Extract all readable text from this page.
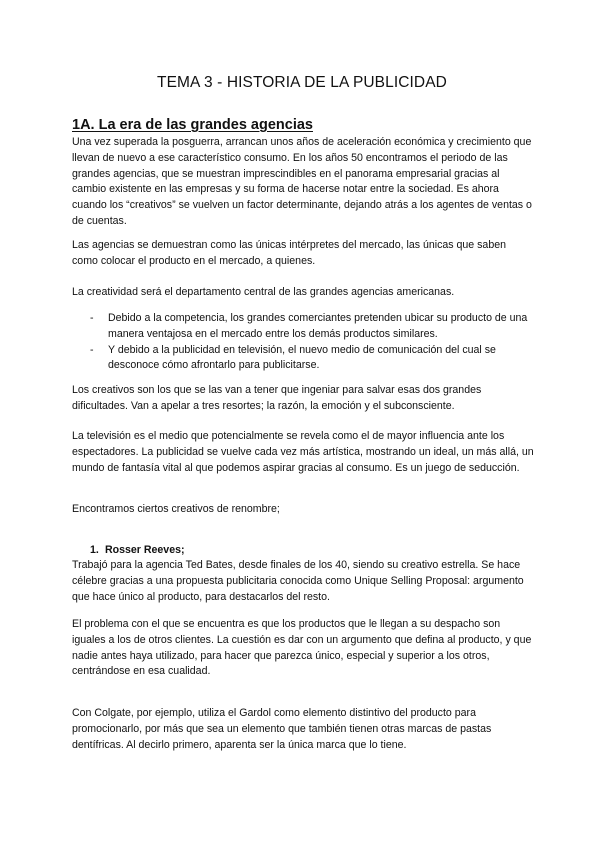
TEMA 3 - HISTORIA DE LA PUBLICIDAD
1A. La era de las grandes agencias

Una vez superada la posguerra, arrancan unos años de aceleración económica y crecimiento que llevan de nuevo a ese característico consumo. En los años 50 encontramos el periodo de las grandes agencias, que se muestran imprescindibles en el panorama empresarial gracias al cambio existente en las empresas y su forma de hacerse notar entre la sociedad. Es ahora cuando los “creativos” se vuelven un factor determinante, dejando atrás a los agentes de ventas o de cuentas.

Las agencias se demuestran como las únicas intérpretes del mercado, las únicas que saben como colocar el producto en el mercado, a quienes.

La creatividad será el departamento central de las grandes agencias americanas.

- Debido a la competencia, los grandes comerciantes pretenden ubicar su producto de una manera ventajosa en el mercado entre los demás productos similares.
- Y debido a la publicidad en televisión, el nuevo medio de comunicación del cual se desconoce cómo afrontarlo para publicitarse.

Los creativos son los que se las van a tener que ingeniar para salvar esas dos grandes dificultades. Van a apelar a tres resortes; la razón, la emoción y el subconsciente.

La televisión es el medio que potencialmente se revela como el de mayor influencia ante los espectadores. La publicidad se vuelve cada vez más artística, mostrando un ideal, un más allá, un mundo de fantasía vital al que podemos aspirar gracias al consumo. Es un juego de seducción.

Encontramos ciertos creativos de renombre;

1. Rosser Reeves;

Trabajó para la agencia Ted Bates, desde finales de los 40, siendo su creativo estrella. Se hace célebre gracias a una propuesta publicitaria conocida como Unique Selling Proposal: argumento que hace único al producto, para destacarlos del resto.

El problema con el que se encuentra es que los productos que le llegan a su despacho son iguales a los de otros clientes. La cuestión es dar con un argumento que defina al producto, y que nadie antes haya utilizado, para hacer que parezca único, especial y superior a los otros, centrándose en esa cualidad.

Con Colgate, por ejemplo, utiliza el Gardol como elemento distintivo del producto para promocionarlo, por más que sea un elemento que también tienen otras marcas de pastas dentífricas. Al decirlo primero, aparenta ser la única marca que lo tiene.
